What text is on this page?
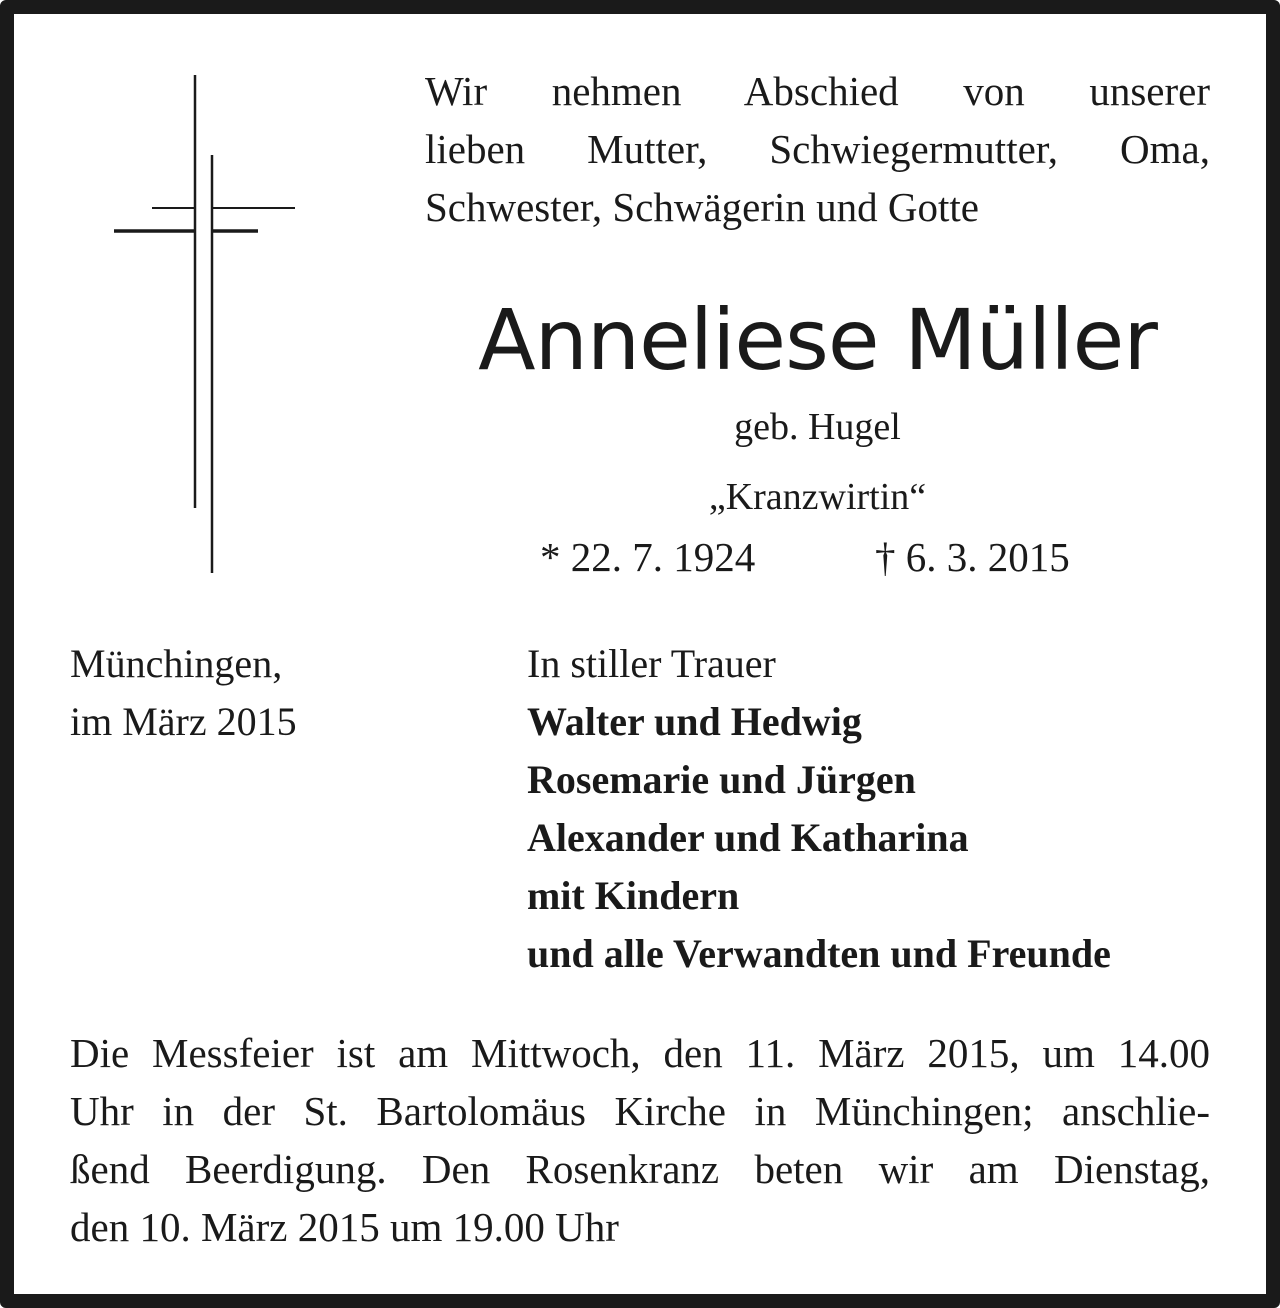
Wir nehmen Abschied von unserer
lieben Mutter, Schwiegermutter, Oma,
Schwester, Schwägerin und Gotte
Anneliese Müller
geb. Hugel
„Kranzwirtin“
* 22. 7. 1924	† 6. 3. 2015
Münchingen,
im März 2015
In stiller Trauer
Walter und Hedwig
Rosemarie und Jürgen
Alexander und Katharina
mit Kindern
und alle Verwandten und Freunde
Die Messfeier ist am Mittwoch, den 11. März 2015, um 14.00
Uhr in der St. Bartolomäus Kirche in Münchingen; anschlie-
ßend Beerdigung. Den Rosenkranz beten wir am Dienstag,
den 10. März 2015 um 19.00 Uhr
